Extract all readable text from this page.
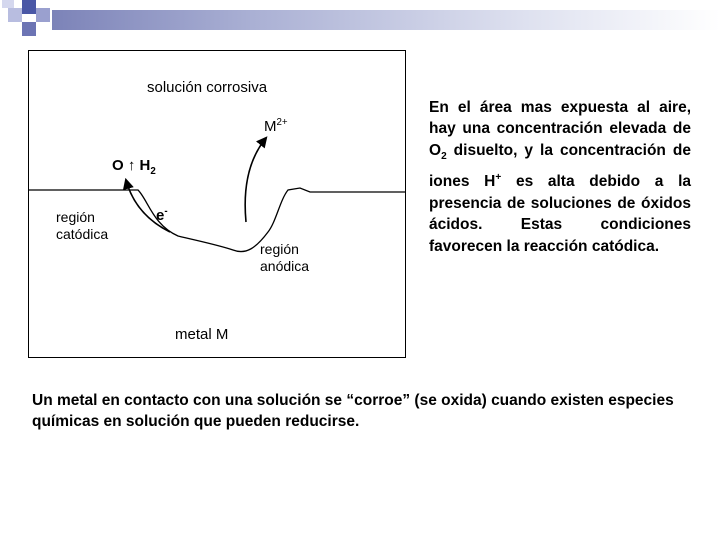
solución corrosiva
$M^{2+}$
O ↑ $H_2$
región catódica
e-
región anódica
metal M
En el área mas expuesta al aire, hay una concentración elevada de $O_2$ disuelto, y la concentración de iones H+ es alta debido a la presencia de soluciones de óxidos ácidos. Estas condiciones favorecen la reacción catódica.
Un metal en contacto con una solución se “corroe” (se oxida) cuando existen especies químicas en solución que pueden reducirse.
